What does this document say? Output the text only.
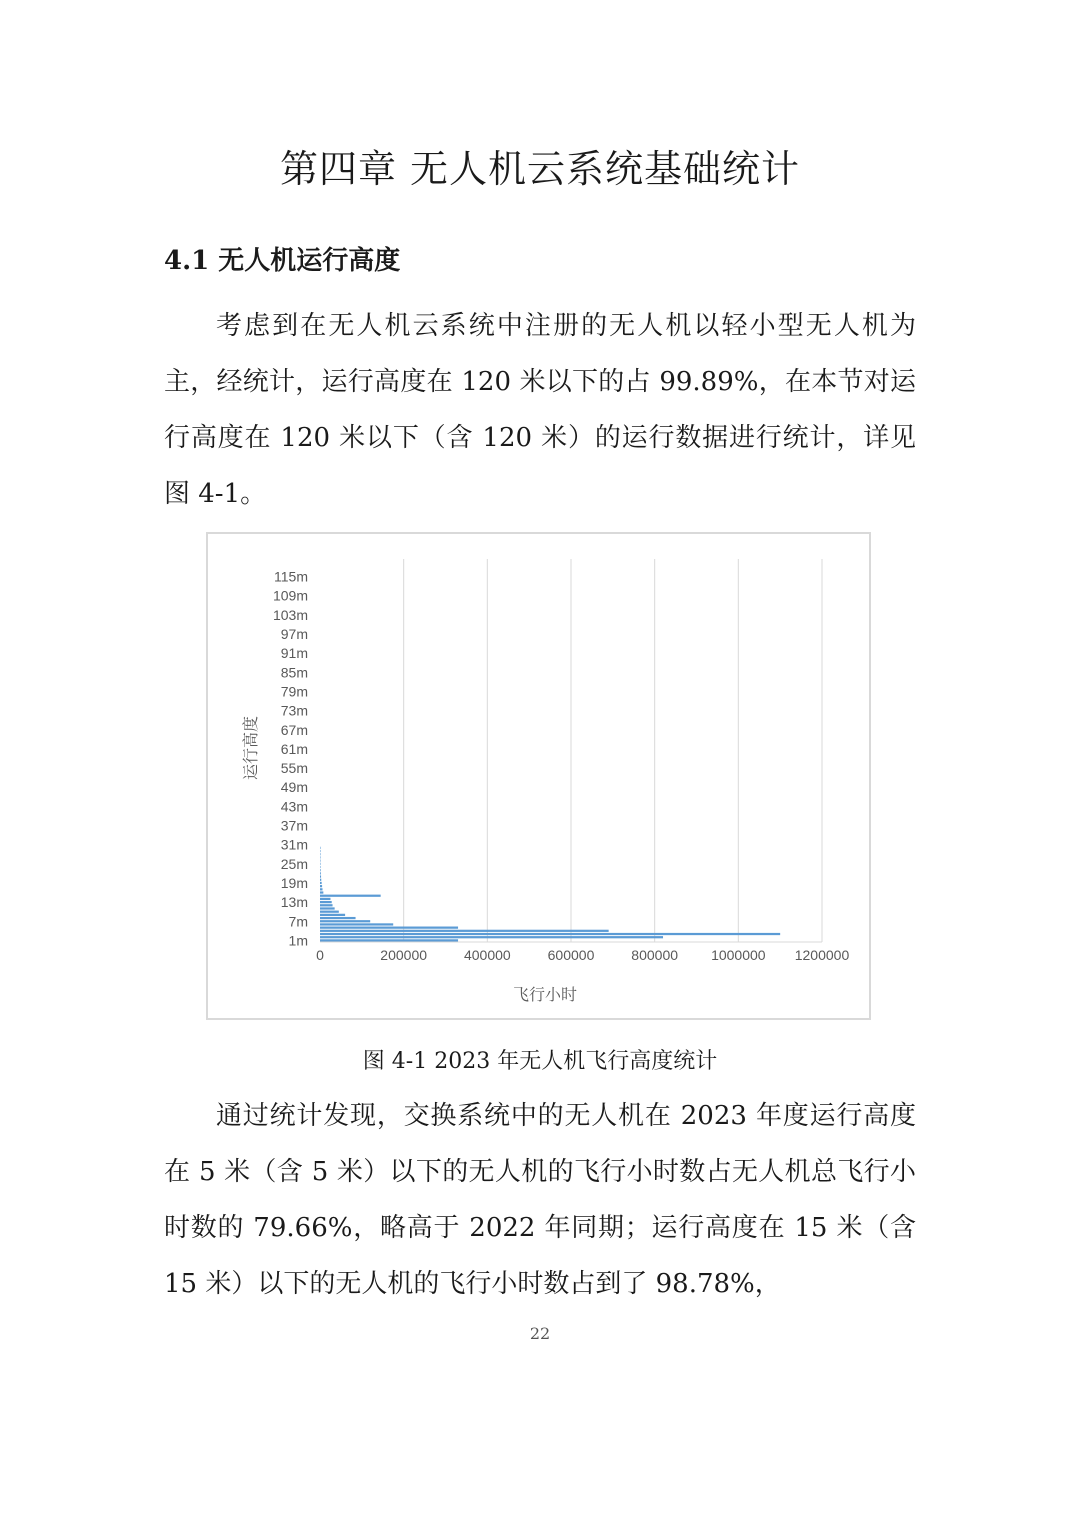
第四章 无人机云系统基础统计
4.1 无人机运行高度
考虑到在无人机云系统中注册的无人机以轻小型无人机为主，经统计，运行高度在 120 米以下的占 99.89%，在本节对运行高度在 120 米以下（含 120 米）的运行数据进行统计，详见图 4-1。
0	200000	400000	600000	800000 1000000 1200000
1m
7m
13m
19m
25m
31m
37m
43m
49m
55m
61m
67m
73m
79m
85m
91m
97m
103m
109m
115m
飞行小时
运行高度
图 4-1 2023 年无人机飞行高度统计
通过统计发现，交换系统中的无人机在 2023 年度运行高度在 5 米（含 5 米）以下的无人机的飞行小时数占无人机总飞行小时数的 79.66%，略高于 2022 年同期；运行高度在 15 米（含 15 米）以下的无人机的飞行小时数占到了 98.78%，
22
